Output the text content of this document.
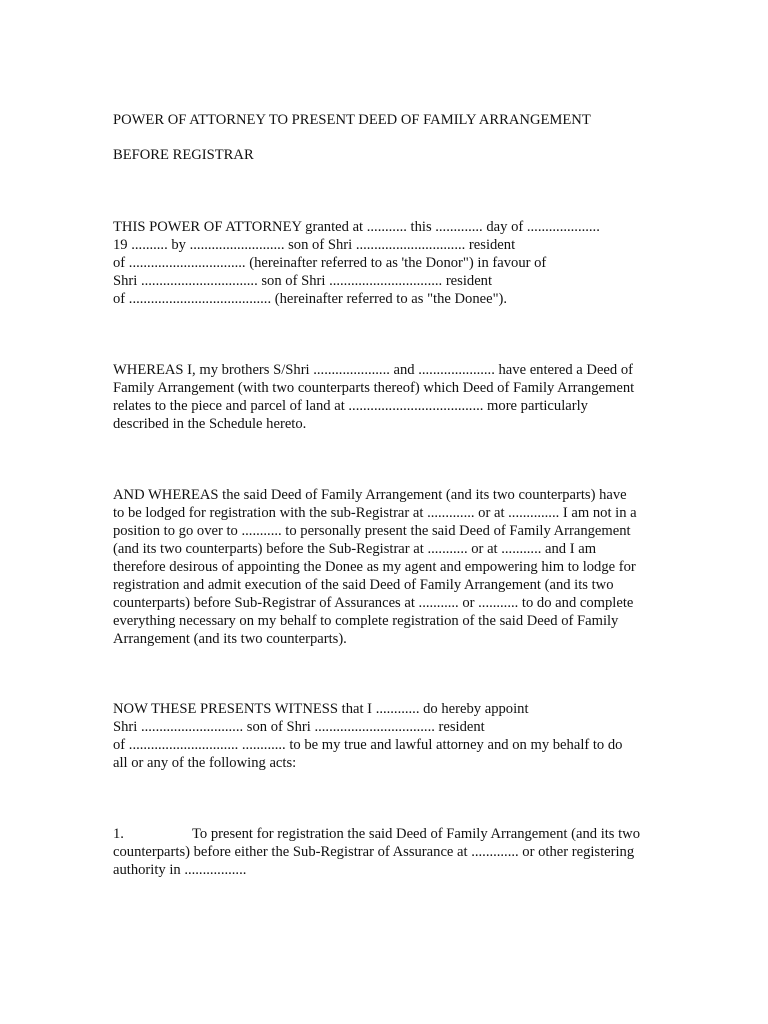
POWER OF ATTORNEY TO PRESENT DEED OF FAMILY ARRANGEMENT
BEFORE REGISTRAR
THIS POWER OF ATTORNEY granted at ........... this ............. day of ....................
19 .......... by .......................... son of Shri .............................. resident
of ................................ (hereinafter referred to as 'the Donor") in favour of
Shri ................................ son of Shri ............................... resident
of ....................................... (hereinafter referred to as "the Donee").
WHEREAS I, my brothers S/Shri ..................... and ..................... have entered a Deed of
Family Arrangement (with two counterparts thereof) which Deed of Family Arrangement
relates to the piece and parcel of land at ..................................... more particularly
described in the Schedule hereto.
AND WHEREAS the said Deed of Family Arrangement (and its two counterparts) have
to be lodged for registration with the sub-Registrar at ............. or at .............. I am not in a
position to go over to ........... to personally present the said Deed of Family Arrangement
(and its two counterparts) before the Sub-Registrar at ........... or at ........... and I am
therefore desirous of appointing the Donee as my agent and empowering him to lodge for
registration and admit execution of the said Deed of Family Arrangement (and its two
counterparts) before Sub-Registrar of Assurances at ........... or ........... to do and complete
everything necessary on my behalf to complete registration of the said Deed of Family
Arrangement (and its two counterparts).
NOW THESE PRESENTS WITNESS that I ............ do hereby appoint
Shri ............................ son of Shri ................................. resident
of .............................. ............ to be my true and lawful attorney and on my behalf to do
all or any of the following acts:
1.	To present for registration the said Deed of Family Arrangement (and its two
counterparts) before either the Sub-Registrar of Assurance at ............. or other registering
authority in .................
